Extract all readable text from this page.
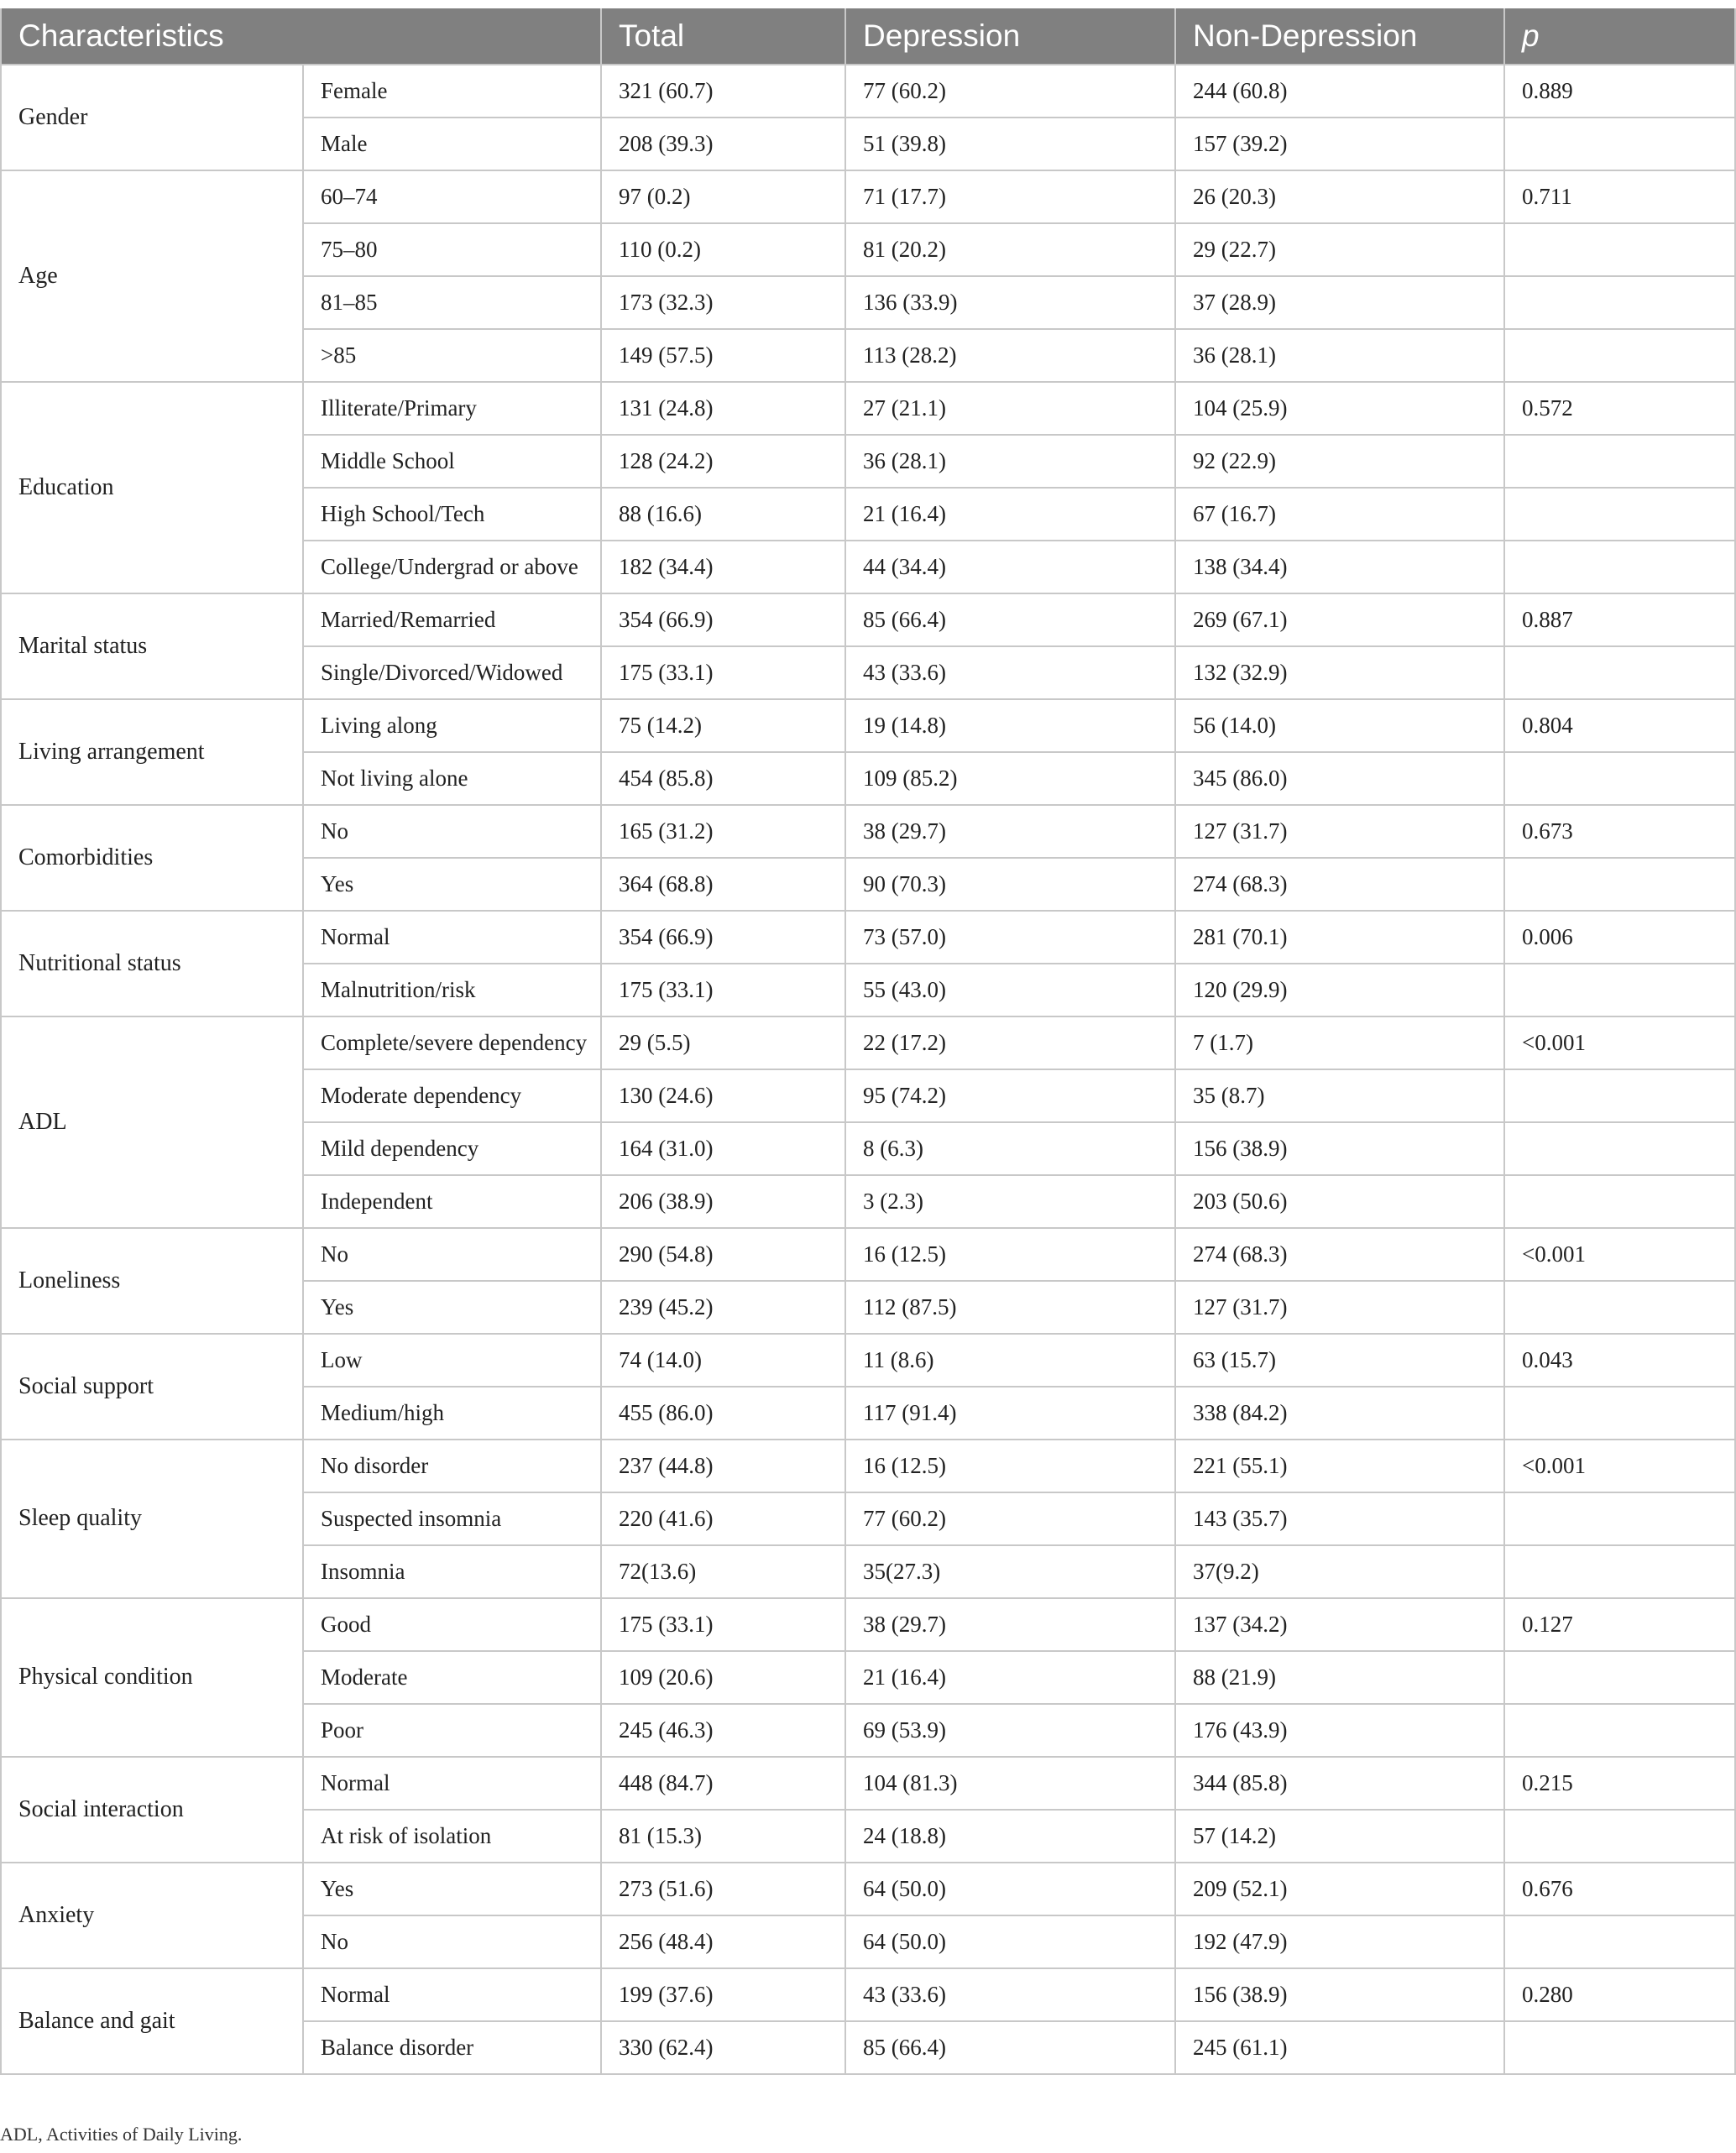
Characteristics		Total	Depression	Non-Depression	p
Gender	Female	321 (60.7)	77 (60.2)	244 (60.8)	0.889
	Male	208 (39.3)	51 (39.8)	157 (39.2)	
Age	60–74	97 (0.2)	71 (17.7)	26 (20.3)	0.711
	75–80	110 (0.2)	81 (20.2)	29 (22.7)	
	81–85	173 (32.3)	136 (33.9)	37 (28.9)	
	>85	149 (57.5)	113 (28.2)	36 (28.1)	
Education	Illiterate/Primary	131 (24.8)	27 (21.1)	104 (25.9)	0.572
	Middle School	128 (24.2)	36 (28.1)	92 (22.9)	
	High School/Tech	88 (16.6)	21 (16.4)	67 (16.7)	
	College/Undergrad or above	182 (34.4)	44 (34.4)	138 (34.4)	
Marital status	Married/Remarried	354 (66.9)	85 (66.4)	269 (67.1)	0.887
	Single/Divorced/Widowed	175 (33.1)	43 (33.6)	132 (32.9)	
Living arrangement	Living along	75 (14.2)	19 (14.8)	56 (14.0)	0.804
	Not living alone	454 (85.8)	109 (85.2)	345 (86.0)	
Comorbidities	No	165 (31.2)	38 (29.7)	127 (31.7)	0.673
	Yes	364 (68.8)	90 (70.3)	274 (68.3)	
Nutritional status	Normal	354 (66.9)	73 (57.0)	281 (70.1)	0.006
	Malnutrition/risk	175 (33.1)	55 (43.0)	120 (29.9)	
ADL	Complete/severe dependency	29 (5.5)	22 (17.2)	7 (1.7)	<0.001
	Moderate dependency	130 (24.6)	95 (74.2)	35 (8.7)	
	Mild dependency	164 (31.0)	8 (6.3)	156 (38.9)	
	Independent	206 (38.9)	3 (2.3)	203 (50.6)	
Loneliness	No	290 (54.8)	16 (12.5)	274 (68.3)	<0.001
	Yes	239 (45.2)	112 (87.5)	127 (31.7)	
Social support	Low	74 (14.0)	11 (8.6)	63 (15.7)	0.043
	Medium/high	455 (86.0)	117 (91.4)	338 (84.2)	
Sleep quality	No disorder	237 (44.8)	16 (12.5)	221 (55.1)	<0.001
	Suspected insomnia	220 (41.6)	77 (60.2)	143 (35.7)	
	Insomnia	72(13.6)	35(27.3)	37(9.2)	
Physical condition	Good	175 (33.1)	38 (29.7)	137 (34.2)	0.127
	Moderate	109 (20.6)	21 (16.4)	88 (21.9)	
	Poor	245 (46.3)	69 (53.9)	176 (43.9)	
Social interaction	Normal	448 (84.7)	104 (81.3)	344 (85.8)	0.215
	At risk of isolation	81 (15.3)	24 (18.8)	57 (14.2)	
Anxiety	Yes	273 (51.6)	64 (50.0)	209 (52.1)	0.676
	No	256 (48.4)	64 (50.0)	192 (47.9)	
Balance and gait	Normal	199 (37.6)	43 (33.6)	156 (38.9)	0.280
	Balance disorder	330 (62.4)	85 (66.4)	245 (61.1)	
ADL, Activities of Daily Living.
